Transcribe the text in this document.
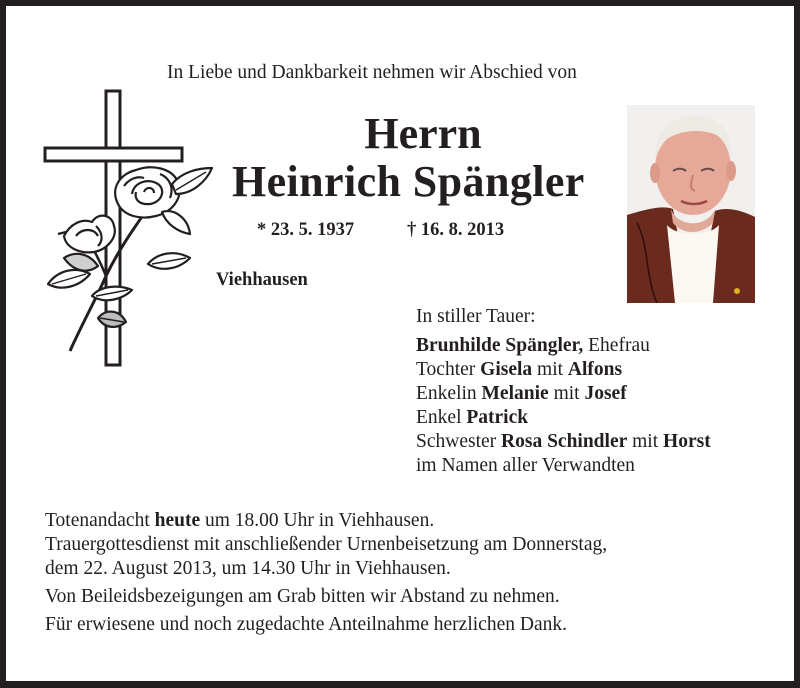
In Liebe und Dankbarkeit nehmen wir Abschied von
Herrn
Heinrich Spängler
* 23. 5. 1937	† 16. 8. 2013
Viehhausen
In stiller Tauer:
Brunhilde Spängler, Ehefrau
Tochter Gisela mit Alfons
Enkelin Melanie mit Josef
Enkel Patrick
Schwester Rosa Schindler mit Horst
im Namen aller Verwandten
Totenandacht heute um 18.00 Uhr in Viehhausen.
Trauergottesdienst mit anschließender Urnenbeisetzung am Donnerstag,
dem 22. August 2013, um 14.30 Uhr in Viehhausen.
Von Beileidsbezeigungen am Grab bitten wir Abstand zu nehmen.
Für erwiesene und noch zugedachte Anteilnahme herzlichen Dank.
